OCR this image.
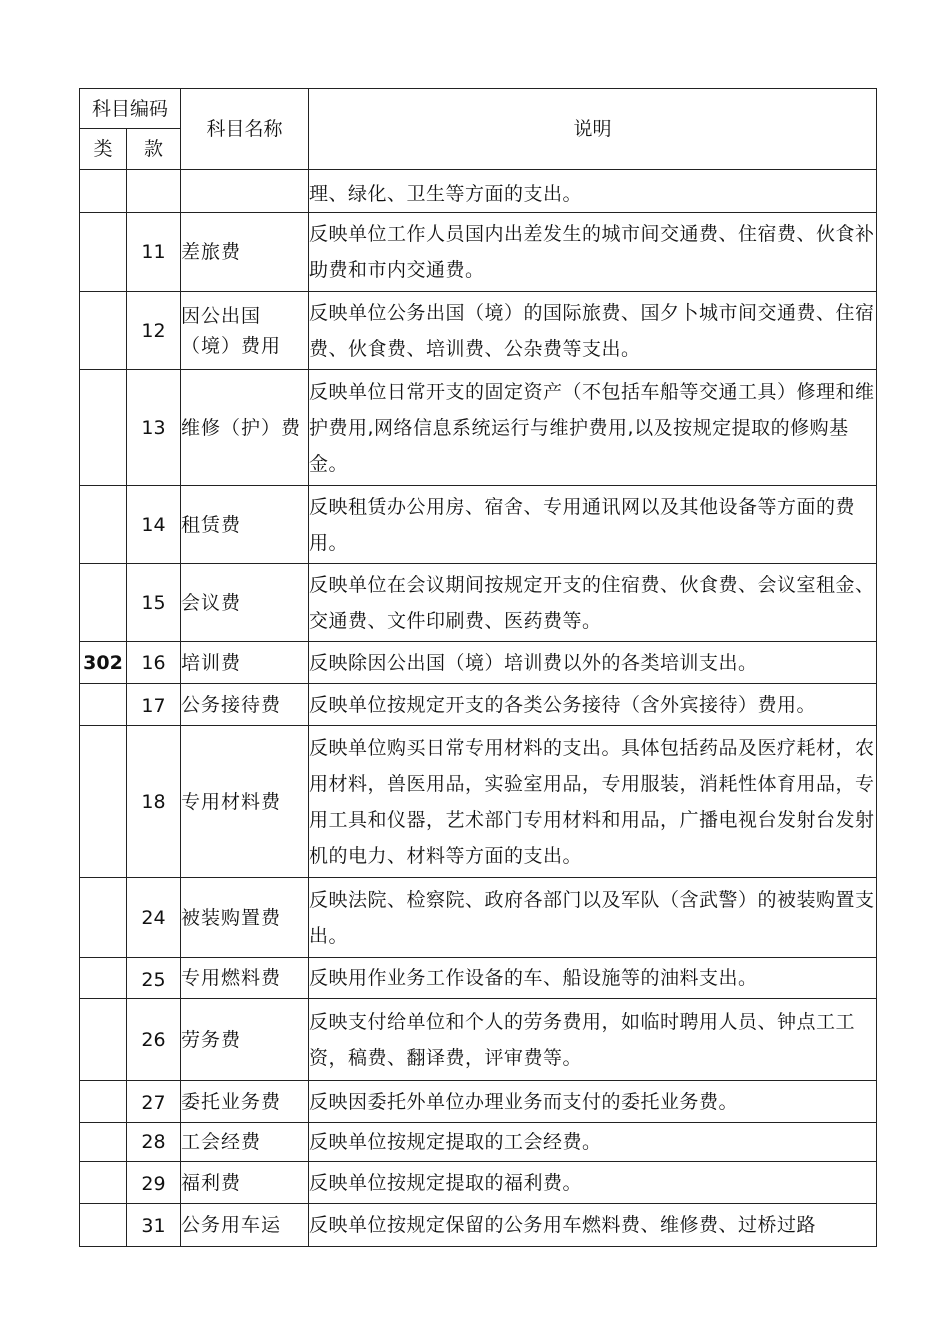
科目编码		科目名称	说明
类	款		
			理、绿化、卫生等方面的支出。
	11	差旅费	反映单位工作人员国内出差发生的城市间交通费、住宿费、伙食补助费和市内交通费。
	12	因公出国（境）费用	反映单位公务出国（境）的国际旅费、国夕卜城市间交通费、住宿费、伙食费、培训费、公杂费等支出。
	13	维修（护）费	反映单位日常开支的固定资产（不包括车船等交通工具）修理和维护费用,网络信息系统运行与维护费用,以及按规定提取的修购基金。
	14	租赁费	反映租赁办公用房、宿舍、专用通讯网以及其他设备等方面的费用。
	15	会议费	反映单位在会议期间按规定开支的住宿费、伙食费、会议室租金、交通费、文件印刷费、医药费等。
302	16	培训费	反映除因公出国（境）培训费以外的各类培训支出。
	17	公务接待费	反映单位按规定开支的各类公务接待（含外宾接待）费用。
	18	专用材料费	反映单位购买日常专用材料的支出。具体包括药品及医疗耗材，农用材料，兽医用品，实验室用品，专用服装，消耗性体育用品，专用工具和仪器，艺术部门专用材料和用品，广播电视台发射台发射机的电力、材料等方面的支出。
	24	被装购置费	反映法院、检察院、政府各部门以及军队（含武警）的被装购置支出。
	25	专用燃料费	反映用作业务工作设备的车、船设施等的油料支出。
	26	劳务费	反映支付给单位和个人的劳务费用，如临时聘用人员、钟点工工资，稿费、翻译费，评审费等。
	27	委托业务费	反映因委托外单位办理业务而支付的委托业务费。
	28	工会经费	反映单位按规定提取的工会经费。
	29	福利费	反映单位按规定提取的福利费。
	31	公务用车运	反映单位按规定保留的公务用车燃料费、维修费、过桥过路
